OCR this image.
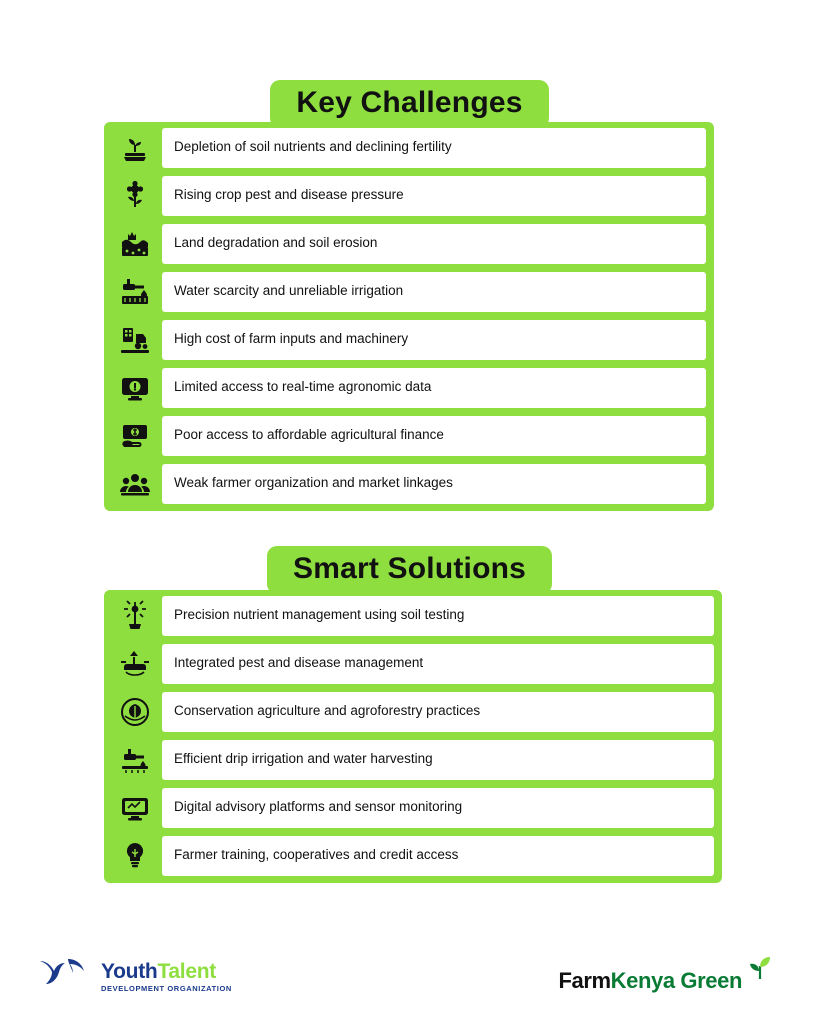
Key Challenges
Depletion of soil nutrients and declining fertility
Rising crop pest and disease pressure
Land degradation and soil erosion
Water scarcity and unreliable irrigation
High cost of farm inputs and machinery
Limited access to real-time agronomic data
Poor access to affordable agricultural finance
Weak farmer organization and market linkages
Smart Solutions
Precision nutrient management using soil testing
Integrated pest and disease management
Conservation agriculture and agroforestry practices
Efficient drip irrigation and water harvesting
Digital advisory platforms and sensor monitoring
Farmer training, cooperatives and credit access
YouthTalent
DEVELOPMENT ORGANIZATION	FarmKenya Green
